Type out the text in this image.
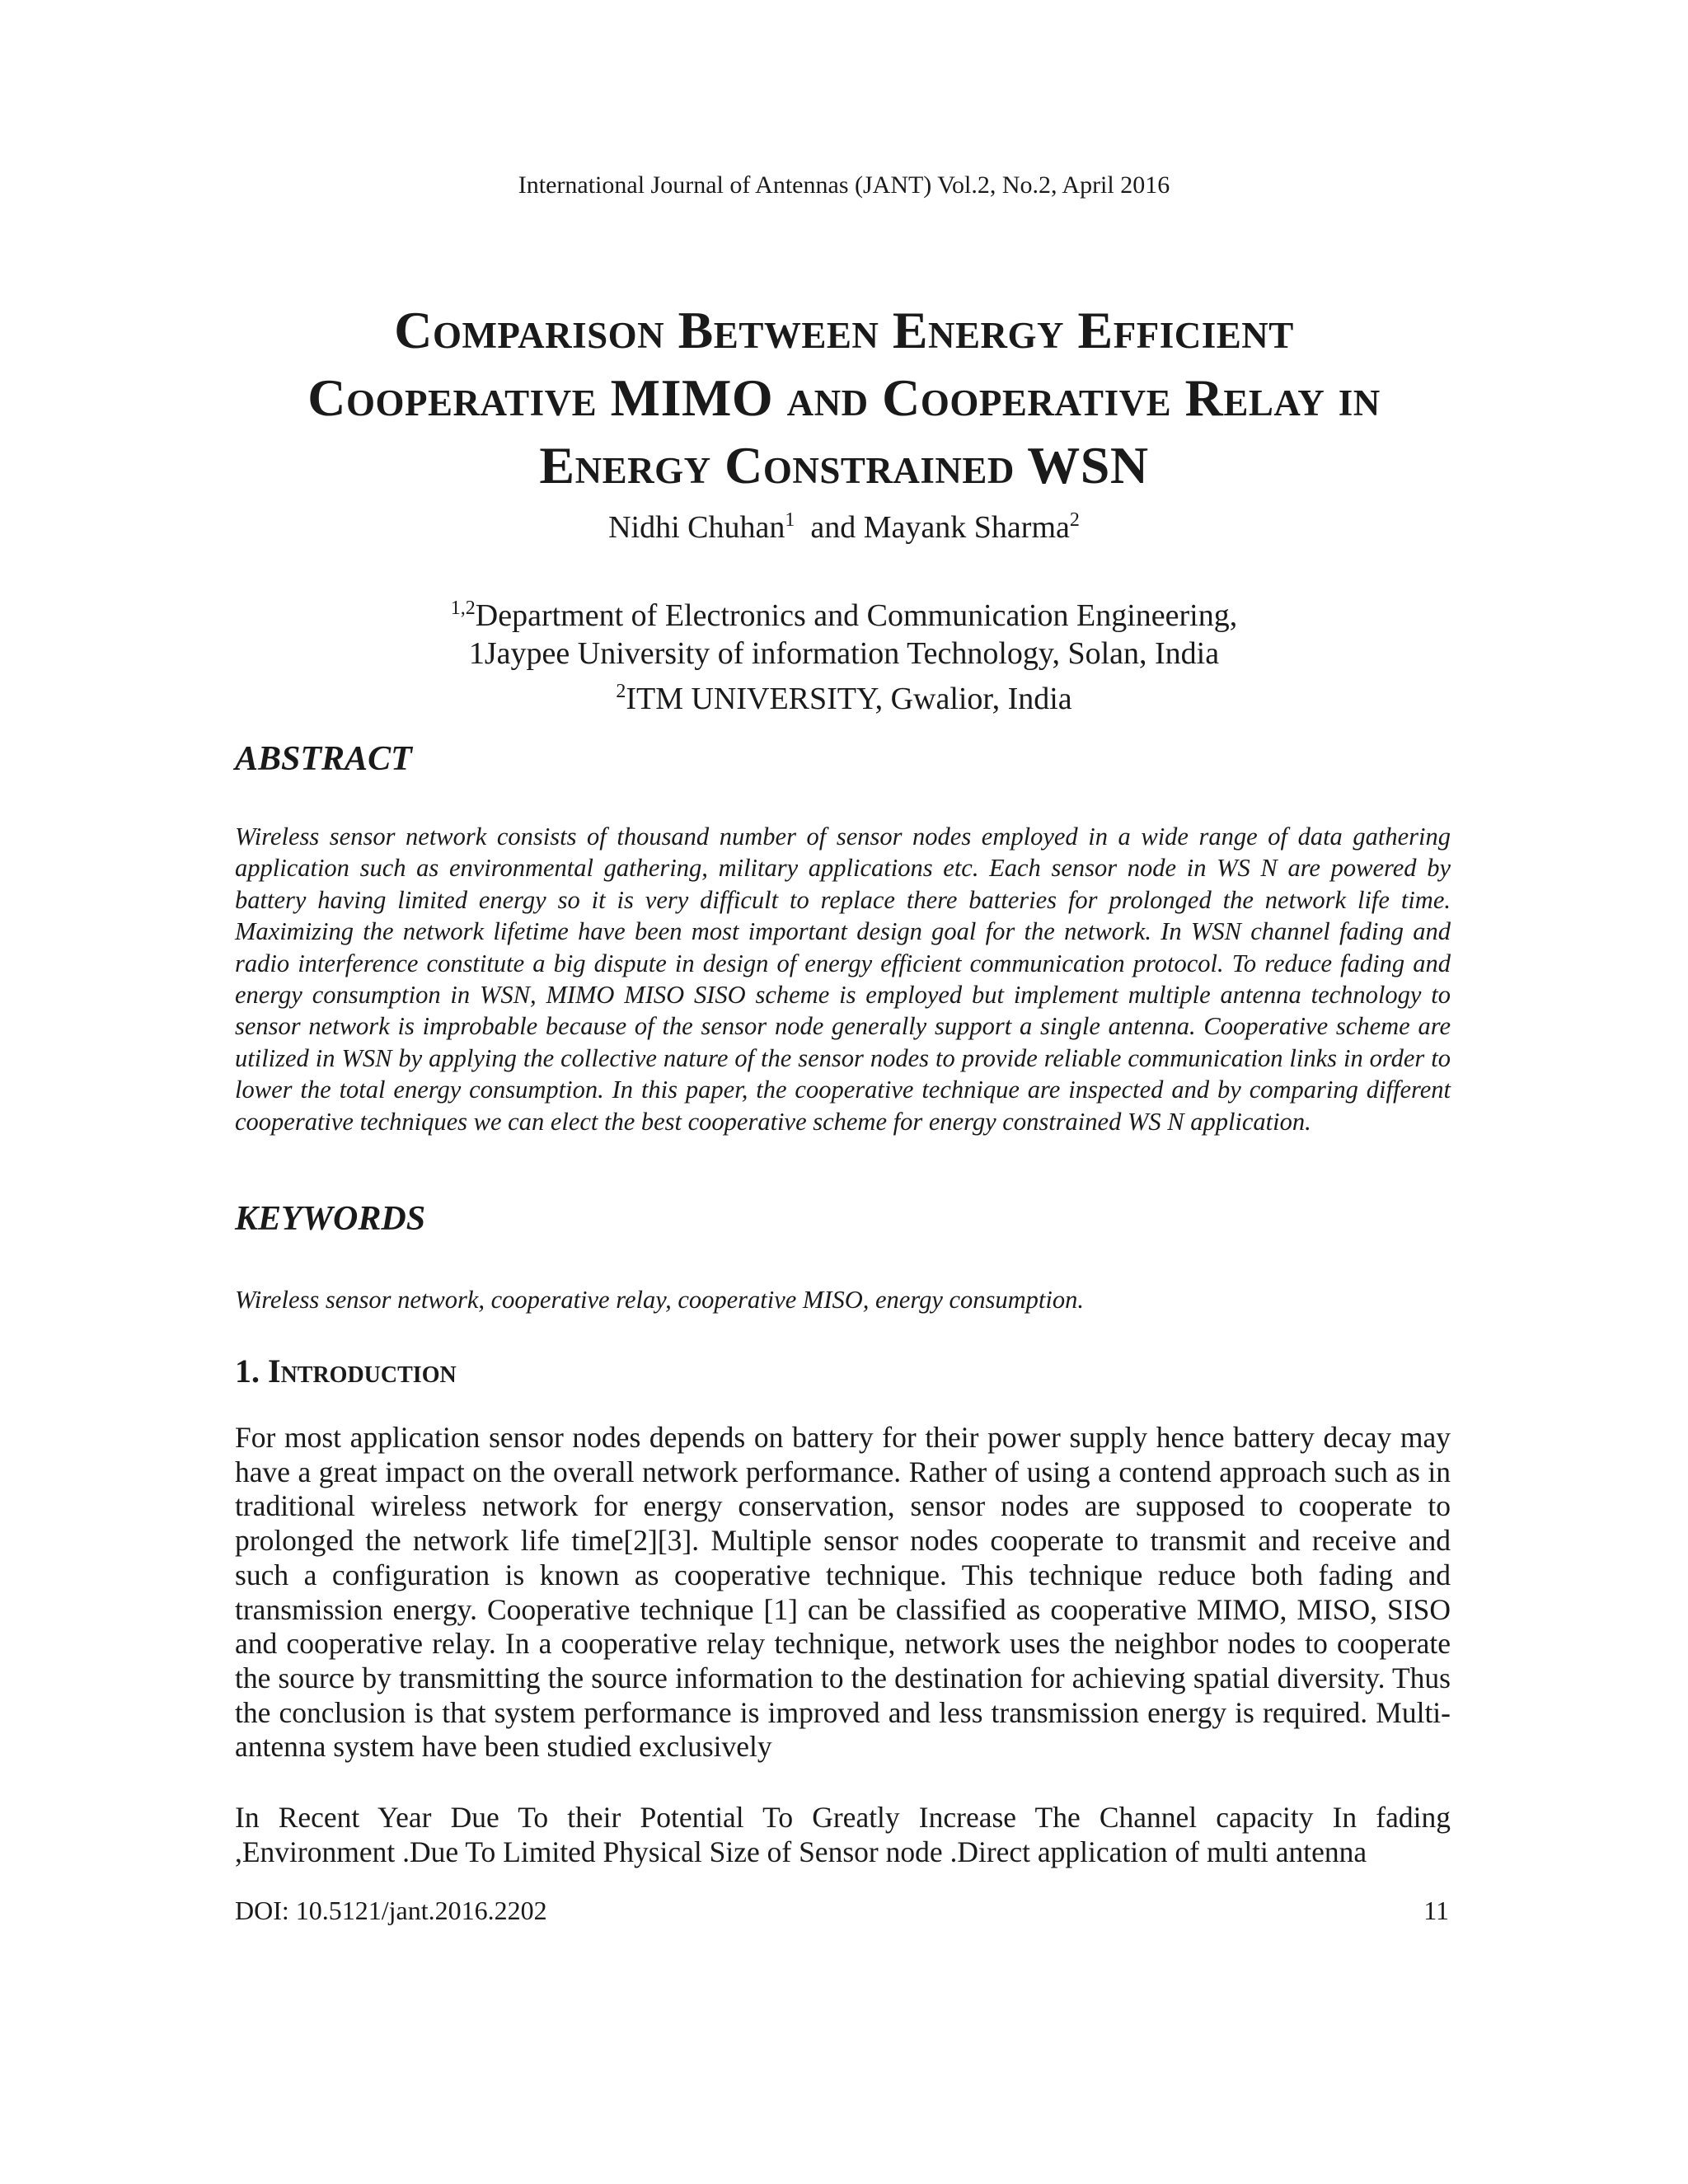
International Journal of Antennas (JANT) Vol.2, No.2, April 2016
Comparison Between Energy Efficient
Cooperative MIMO and Cooperative Relay in
Energy Constrained WSN
Nidhi Chuhan$^1$ and Mayank Sharma$^2$
$^{1,2}$Department of Electronics and Communication Engineering,
1Jaypee University of information Technology, Solan, India
$^2$ITM UNIVERSITY, Gwalior, India
ABSTRACT
Wireless sensor network consists of thousand number of sensor nodes employed in a wide range of data gathering application such as environmental gathering, military applications etc. Each sensor node in WS N are powered by battery having limited energy so it is very difficult to replace there batteries for prolonged the network life time. Maximizing the network lifetime have been most important design goal for the network. In WSN channel fading and radio interference constitute a big dispute in design of energy efficient communication protocol. To reduce fading and energy consumption in WSN, MIMO MISO SISO scheme is employed but implement multiple antenna technology to sensor network is improbable because of the sensor node generally support a single antenna. Cooperative scheme are utilized in WSN by applying the collective nature of the sensor nodes to provide reliable communication links in order to lower the total energy consumption. In this paper, the cooperative technique are inspected and by comparing different cooperative techniques we can elect the best cooperative scheme for energy constrained WS N application.
KEYWORDS
Wireless sensor network, cooperative relay, cooperative MISO, energy consumption.
1. Introduction
For most application sensor nodes depends on battery for their power supply hence battery decay may have a great impact on the overall network performance. Rather of using a contend approach such as in traditional wireless network for energy conservation, sensor nodes are supposed to cooperate to prolonged the network life time[2][3]. Multiple sensor nodes cooperate to transmit and receive and such a configuration is known as cooperative technique. This technique reduce both fading and transmission energy. Cooperative technique [1] can be classified as cooperative MIMO, MISO, SISO and cooperative relay. In a cooperative relay technique, network uses the neighbor nodes to cooperate the source by transmitting the source information to the destination for achieving spatial diversity. Thus the conclusion is that system performance is improved and less transmission energy is required. Multi-antenna system have been studied exclusively
In Recent Year Due To their Potential To Greatly Increase The Channel capacity In fading ,Environment .Due To Limited Physical Size of Sensor node .Direct application of multi antenna
DOI: 10.5121/jant.2016.2202	11
